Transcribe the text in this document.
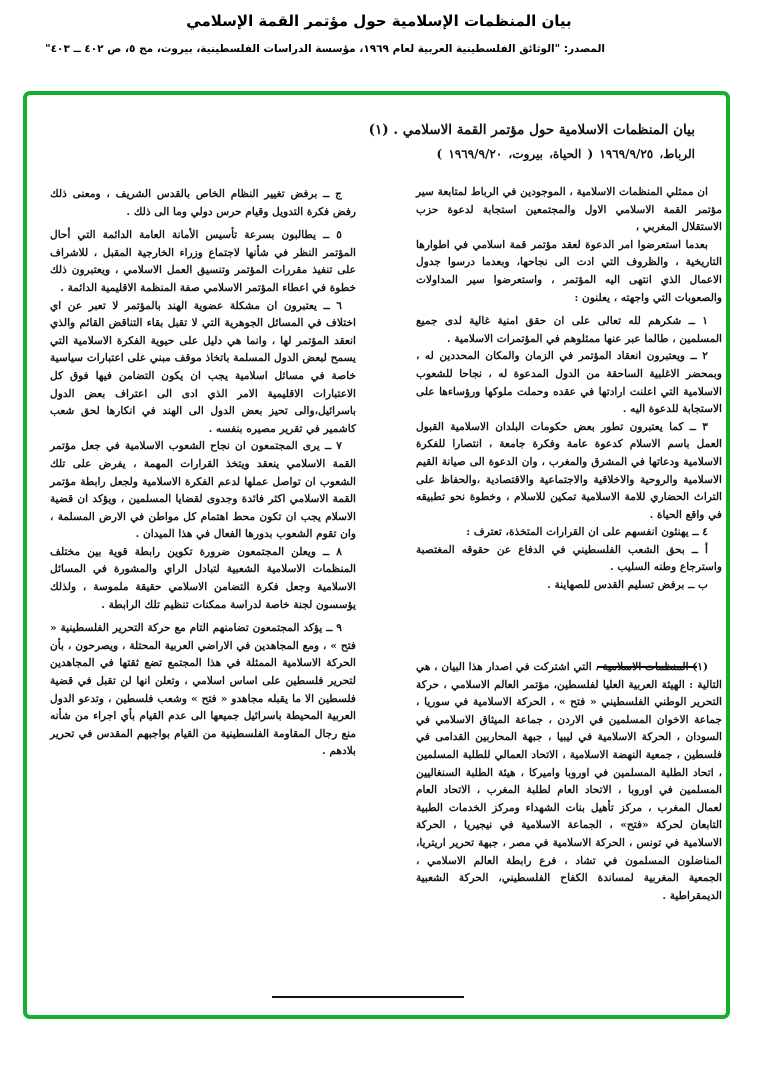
بيان المنظمات الإسلامية حول مؤتمر القمة الإسلامي
المصدر: "الوثائق الفلسطينية العربية لعام ١٩٦٩، مؤسسة الدراسات الفلسطينية، بيروت، مج ٥، ص ٤٠٢ ــ ٤٠٣"
بيان المنظمات الاسلامية حول مؤتمر القمة الاسلامي . (١)
الرباط، ١٩٦٩/٩/٢٥ ( الحياة، بيروت، ١٩٦٩/٩/٢٠ )

ان ممثلي المنظمات الاسلامية ، الموجودين في الرباط لمتابعة سير مؤتمر القمة الاسلامي الاول والمجتمعين استجابة لدعوة حزب الاستقلال المغربي ،

بعدما استعرضوا امر الدعوة لعقد مؤتمر قمة اسلامي في اطوارها التاريخية ، والظروف التي ادت الى نجاحها، وبعدما درسوا جدول الاعمال الذي انتهى اليه المؤتمر ، واستعرضوا سير المداولات والصعوبات التي واجهته ، يعلنون :

١ ــ شكرهم لله تعالى على ان حقق امنية غالية لدى جميع المسلمين ، طالما عبر عنها ممثلوهم في المؤتمرات الاسلامية .

٢ ــ ويعتبرون انعقاد المؤتمر في الزمان والمكان المحددين له ، وبمحضر الاغلبية الساحقة من الدول المدعوة له ، نجاحا للشعوب الاسلامية التي اعلنت ارادتها في عقده وحملت ملوكها ورؤساءها على الاستجابة للدعوة اليه .

٣ ــ كما يعتبرون تطور بعض حكومات البلدان الاسلامية القبول العمل باسم الاسلام كدعوة عامة وفكرة جامعة ، انتصارا للفكرة الاسلامية ودعاتها في المشرق والمغرب ، وان الدعوة الى صيانة القيم الاسلامية والروحية والاخلاقية والاجتماعية والاقتصادية ،والحفاظ على التراث الحضاري للامة الاسلامية تمكين للاسلام ، وخطوة نحو تطبيقه في واقع الحياة .

٤ ــ يهنئون انفسهم على ان القرارات المتخذة، تعترف :

أ ــ بحق الشعب الفلسطيني في الدفاع عن حقوقه المغتصبة واسترجاع وطنه السليب .

ب ــ برفض تسليم القدس للصهاينة .

(١) المنظمات الاسلامية ، التي اشتركت في اصدار هذا البيان ، هي التالية : الهيئة العربية العليا لفلسطين، مؤتمر العالم الاسلامي ، حركة التحرير الوطني الفلسطيني « فتح » ، الحركة الاسلامية في سوريا ، جماعة الاخوان المسلمين في الاردن ، جماعة الميثاق الاسلامي في السودان ، الحركة الاسلامية في ليبيا ، جبهة المحاربين القدامى في فلسطين ، جمعية النهضة الاسلامية ، الاتحاد العمالي للطلبة المسلمين ، اتحاد الطلبة المسلمين في اوروبا واميركا ، هيئة الطلبة السنغاليين المسلمين في اوروبا ، الاتحاد العام لطلبة المغرب ، الاتحاد العام لعمال المغرب ، مركز تأهيل بنات الشهداء ومركز الخدمات الطبية التابعان لحركة «فتح» ، الجماعة الاسلامية في نيجيريا ، الحركة الاسلامية في تونس ، الحركة الاسلامية في مصر ، جبهة تحرير اريتريا، المناضلون المسلمون في تشاد ، فرع رابطة العالم الاسلامي ، الجمعية المغربية لمساندة الكفاح الفلسطيني، الحركة الشعبية الديمقراطية .

ج ــ برفض تغيير النظام الخاص بالقدس الشريف ، ومعنى ذلك رفض فكرة التدويل وقيام حرس دولي وما الى ذلك .

٥ ــ يطالبون بسرعة تأسيس الأمانة العامة الدائمة التي أحال المؤتمر النظر في شأنها لاجتماع وزراء الخارجية المقبل ، للاشراف على تنفيذ مقررات المؤتمر وتنسيق العمل الاسلامي ، ويعتبرون ذلك خطوة في اعطاء المؤتمر الاسلامي صفة المنظمة الاقليمية الدائمة .

٦ ــ يعتبرون ان مشكلة عضوية الهند بالمؤتمر لا تعبر عن اي اختلاف في المسائل الجوهرية التي لا تقبل بقاء التناقض القائم والذي انعقد المؤتمر لها ، وانما هي دليل على حيوية الفكرة الاسلامية التي يسمح لبعض الدول المسلمة باتخاذ موقف مبني على اعتبارات سياسية خاصة في مسائل اسلامية يجب ان يكون التضامن فيها فوق كل الاعتبارات الاقليمية الامر الذي ادى الى اعتراف بعض الدول باسرائيل،والى تحيز بعض الدول الى الهند في انكارها لحق شعب كاشمير في تقرير مصيره بنفسه .

٧ ــ يرى المجتمعون ان نجاح الشعوب الاسلامية في جعل مؤتمر القمة الاسلامي ينعقد ويتخذ القرارات المهمة ، يفرض على تلك الشعوب ان تواصل عملها لدعم الفكرة الاسلامية ولجعل رابطة مؤتمر القمة الاسلامي اكثر فائدة وجدوى لقضايا المسلمين ، ويؤكد ان قضية الاسلام يجب ان تكون محط اهتمام كل مواطن في الارض المسلمة ، وان تقوم الشعوب بدورها الفعال في هذا الميدان .

٨ ــ ويعلن المجتمعون ضرورة تكوين رابطة قوية بين مختلف المنظمات الاسلامية الشعبية لتبادل الراي والمشورة في المسائل الاسلامية وجعل فكرة التضامن الاسلامي حقيقة ملموسة ، ولذلك يؤسسون لجنة خاصة لدراسة ممكنات تنظيم تلك الرابطة .

٩ ــ يؤكد المجتمعون تضامنهم التام مع حركة التحرير الفلسطينية « فتح » ، ومع المجاهدين في الاراضي العربية المحتلة ، ويصرحون ، بأن الحركة الاسلامية الممثلة في هذا المجتمع تضع ثقتها في المجاهدين لتحرير فلسطين على اساس اسلامي ، وتعلن انها لن تقبل في قضية فلسطين الا ما يقبله مجاهدو « فتح » وشعب فلسطين ، وتدعو الدول العربية المحيطة باسرائيل جميعها الى عدم القيام بأي اجراء من شأنه منع رجال المقاومة الفلسطينية من القيام بواجبهم المقدس في تحرير بلادهم .
